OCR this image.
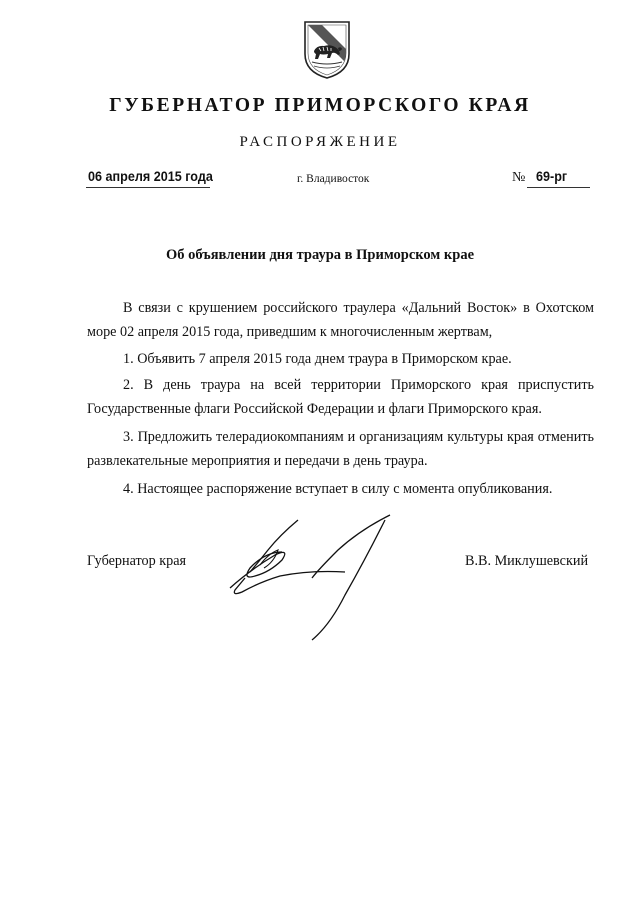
ГУБЕРНАТОР ПРИМОРСКОГО КРАЯ
РАСПОРЯЖЕНИЕ
06 апреля 2015 года	г. Владивосток	№ 69-рг
Об объявлении дня траура в Приморском крае
В связи с крушением российского траулера «Дальний Восток» в Охотском море 02 апреля 2015 года, приведшим к многочисленным жертвам,
1. Объявить 7 апреля 2015 года днем траура в Приморском крае.
2. В день траура на всей территории Приморского края приспустить Государственные флаги Российской Федерации и флаги Приморского края.
3. Предложить телерадиокомпаниям и организациям культуры края отменить развлекательные мероприятия и передачи в день траура.
4. Настоящее распоряжение вступает в силу с момента опубликования.
Губернатор края	В.В. Миклушевский
